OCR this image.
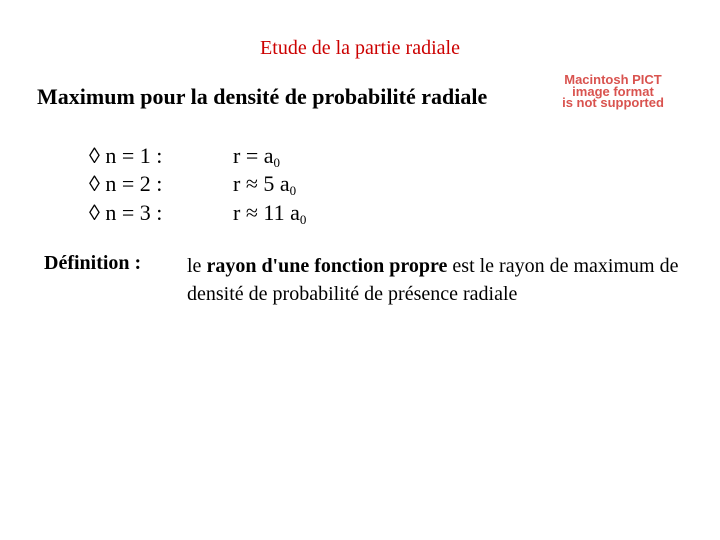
Etude de la partie radiale
Maximum pour la densité de probabilité radiale
Macintosh PICT
image format
is not supported
◊ n = 1 :	$r = a_0$
◊ n = 2 :	r ≈ 5 $a_0$
◊ n = 3 :	r ≈ 11 $a_0$
Définition : le rayon d'une fonction propre est le rayon de maximum de densité de probabilité de présence radiale
